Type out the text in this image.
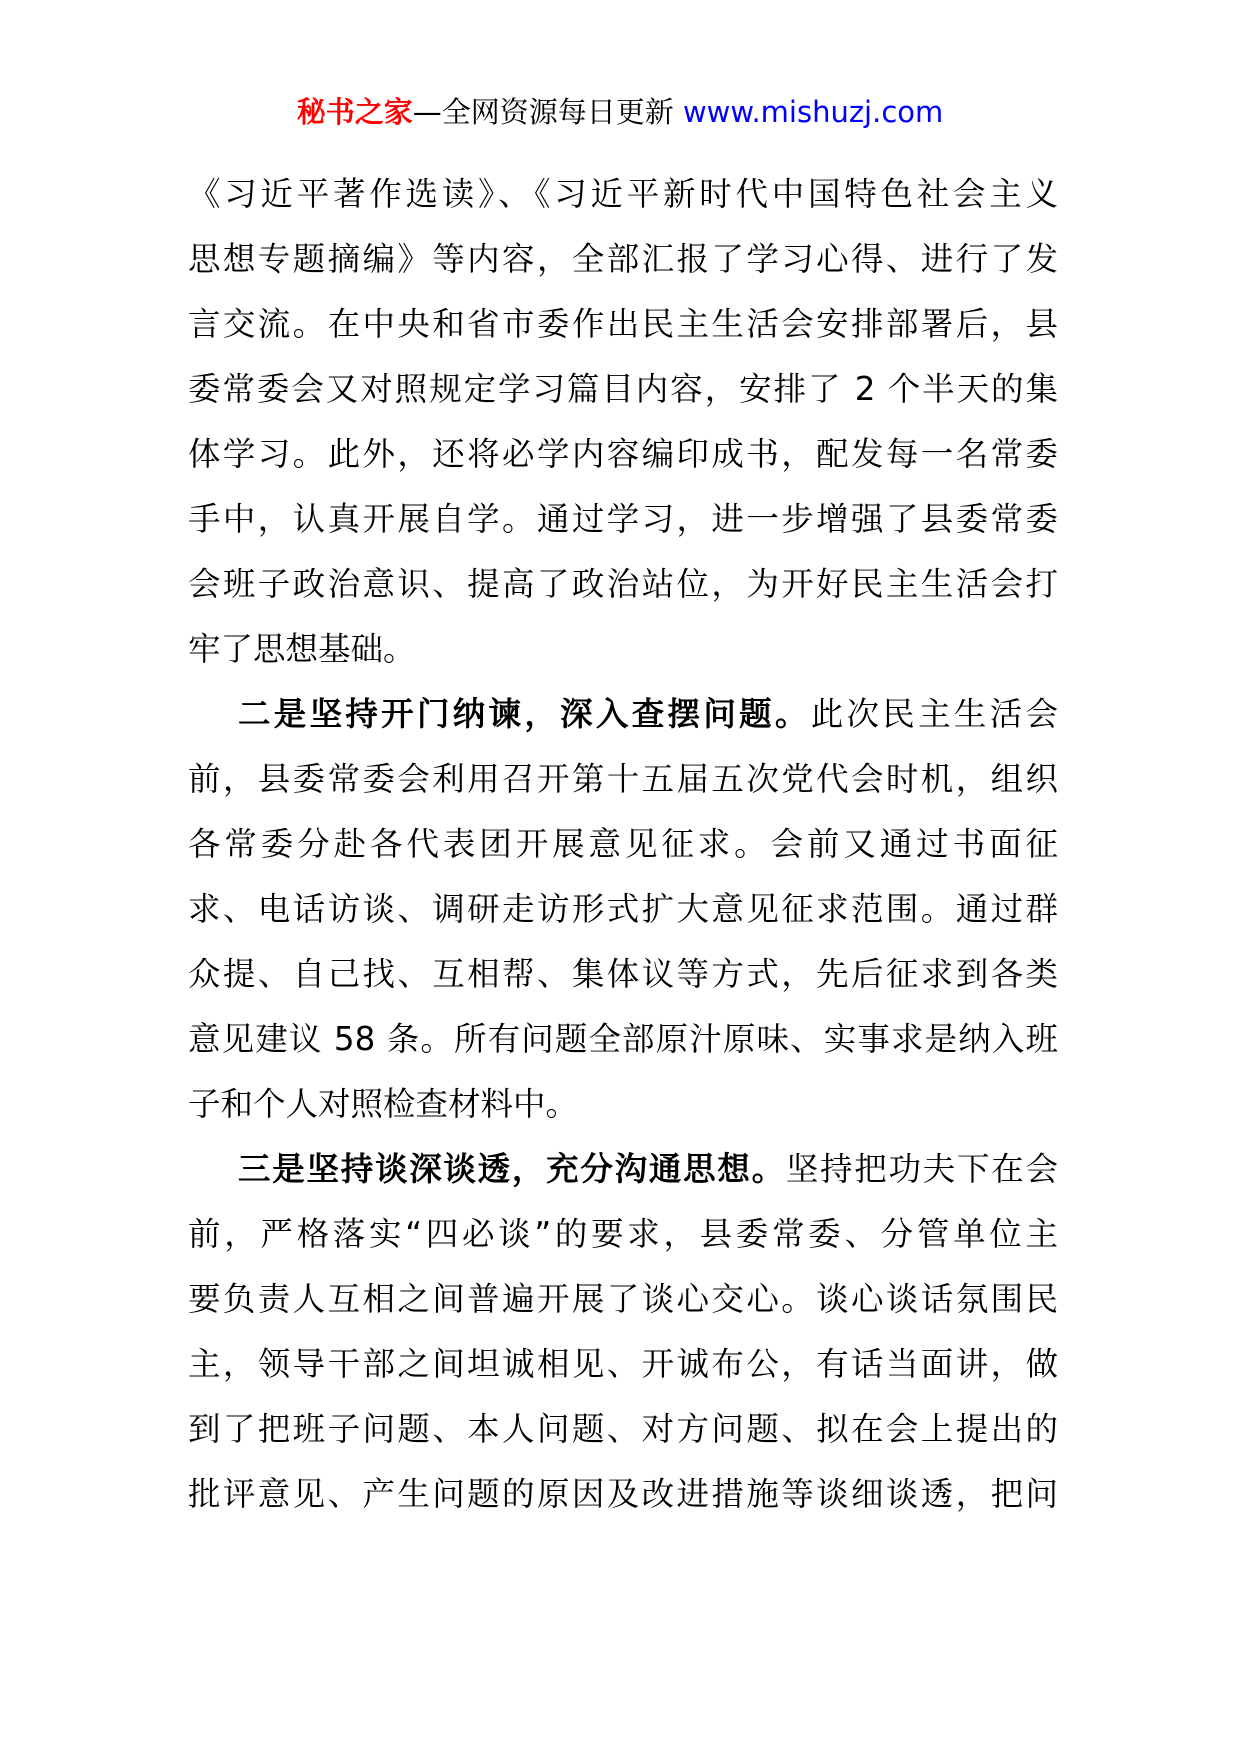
秘书之家—全网资源每日更新 www.mishuzj.com
《习近平著作选读》、《习近平新时代中国特色社会主义
思想专题摘编》等内容，全部汇报了学习心得、进行了发
言交流。在中央和省市委作出民主生活会安排部署后，县
委常委会又对照规定学习篇目内容，安排了 2 个半天的集
体学习。此外，还将必学内容编印成书，配发每一名常委
手中，认真开展自学。通过学习，进一步增强了县委常委
会班子政治意识、提高了政治站位，为开好民主生活会打
牢了思想基础。
二是坚持开门纳谏，深入查摆问题。此次民主生活会
前，县委常委会利用召开第十五届五次党代会时机，组织
各常委分赴各代表团开展意见征求。会前又通过书面征
求、电话访谈、调研走访形式扩大意见征求范围。通过群
众提、自己找、互相帮、集体议等方式，先后征求到各类
意见建议 58 条。所有问题全部原汁原味、实事求是纳入班
子和个人对照检查材料中。
三是坚持谈深谈透，充分沟通思想。坚持把功夫下在会
前，严格落实“四必谈”的要求，县委常委、分管单位主
要负责人互相之间普遍开展了谈心交心。谈心谈话氛围民
主，领导干部之间坦诚相见、开诚布公，有话当面讲，做
到了把班子问题、本人问题、对方问题、拟在会上提出的
批评意见、产生问题的原因及改进措施等谈细谈透，把问
